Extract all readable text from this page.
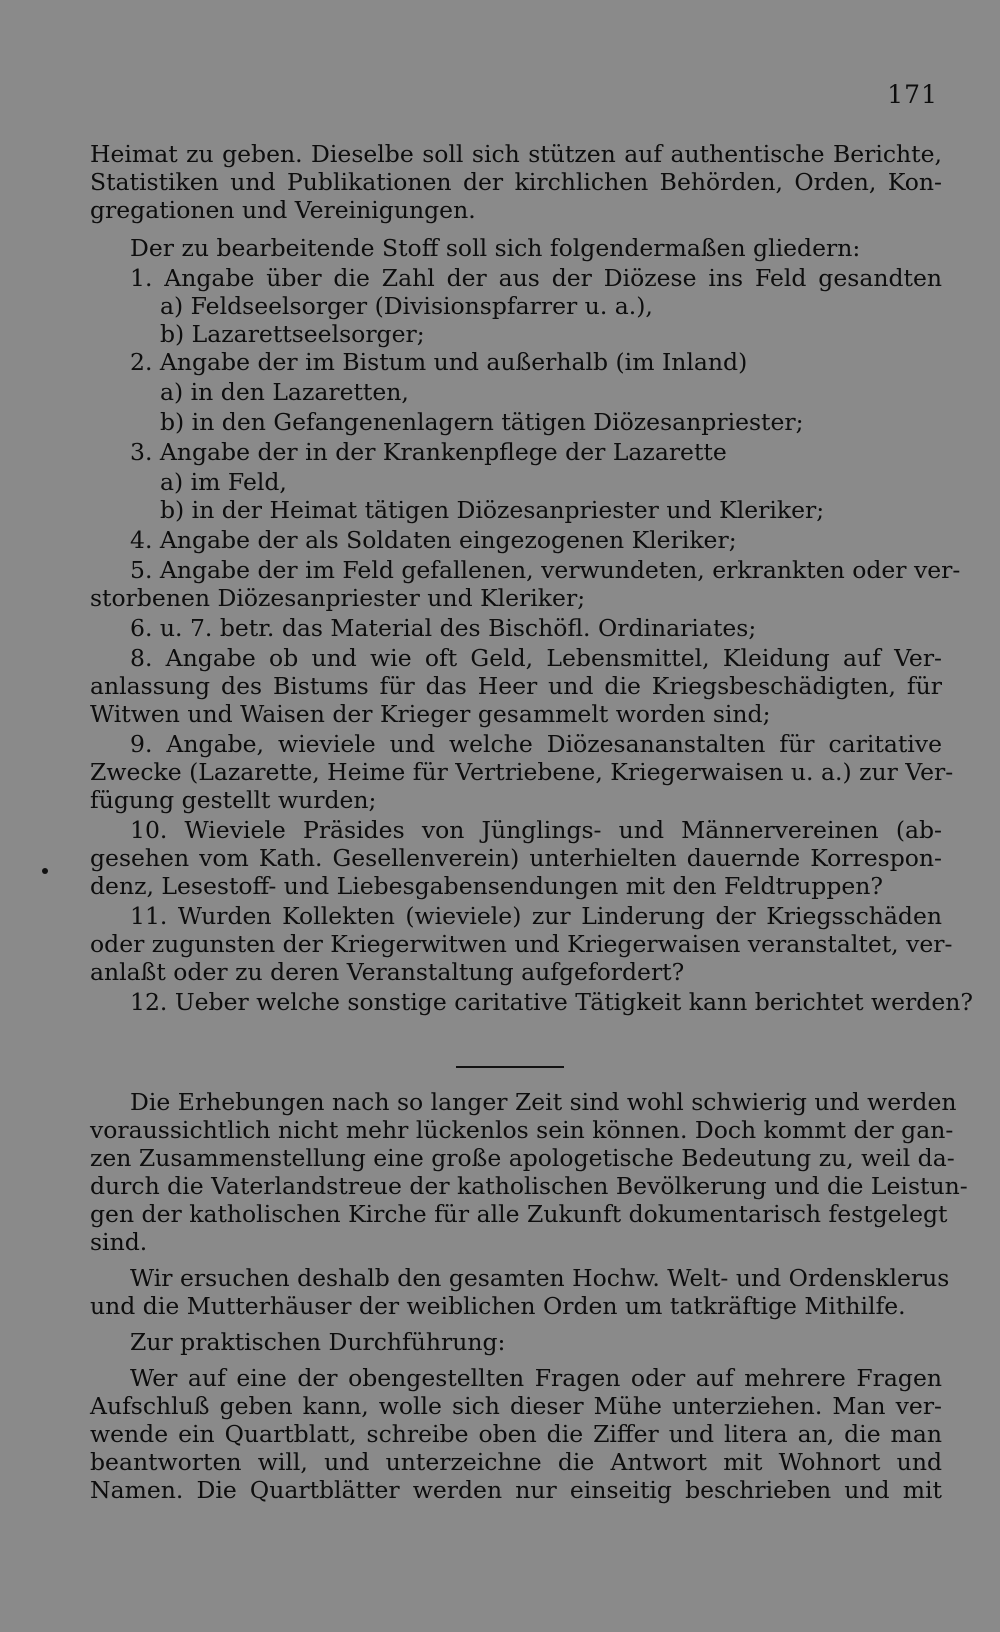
171
Heimat zu geben. Dieselbe soll sich stützen auf authentische Berichte,
Statistiken und Publikationen der kirchlichen Behörden, Orden, Kon-
gregationen und Vereinigungen.
Der zu bearbeitende Stoff soll sich folgendermaßen gliedern:
1. Angabe über die Zahl der aus der Diözese ins Feld gesandten
a) Feldseelsorger (Divisionspfarrer u. a.),
b) Lazarettseelsorger;
2. Angabe der im Bistum und außerhalb (im Inland)
a) in den Lazaretten,
b) in den Gefangenenlagern tätigen Diözesanpriester;
3. Angabe der in der Krankenpflege der Lazarette
a) im Feld,
b) in der Heimat tätigen Diözesanpriester und Kleriker;
4. Angabe der als Soldaten eingezogenen Kleriker;
5. Angabe der im Feld gefallenen, verwundeten, erkrankten oder ver-
storbenen Diözesanpriester und Kleriker;
6. u. 7. betr. das Material des Bischöfl. Ordinariates;
8. Angabe ob und wie oft Geld, Lebensmittel, Kleidung auf Ver-
anlassung des Bistums für das Heer und die Kriegsbeschädigten, für
Witwen und Waisen der Krieger gesammelt worden sind;
9. Angabe, wieviele und welche Diözesananstalten für caritative
Zwecke (Lazarette, Heime für Vertriebene, Kriegerwaisen u. a.) zur Ver-
fügung gestellt wurden;
10. Wieviele Präsides von Jünglings- und Männervereinen (ab-
gesehen vom Kath. Gesellenverein) unterhielten dauernde Korrespon-
denz, Lesestoff- und Liebesgabensendungen mit den Feldtruppen?
11. Wurden Kollekten (wieviele) zur Linderung der Kriegsschäden
oder zugunsten der Kriegerwitwen und Kriegerwaisen veranstaltet, ver-
anlaßt oder zu deren Veranstaltung aufgefordert?
12. Ueber welche sonstige caritative Tätigkeit kann berichtet werden?
Die Erhebungen nach so langer Zeit sind wohl schwierig und werden
voraussichtlich nicht mehr lückenlos sein können. Doch kommt der gan-
zen Zusammenstellung eine große apologetische Bedeutung zu, weil da-
durch die Vaterlandstreue der katholischen Bevölkerung und die Leistun-
gen der katholischen Kirche für alle Zukunft dokumentarisch festgelegt
sind.
Wir ersuchen deshalb den gesamten Hochw. Welt- und Ordensklerus
und die Mutterhäuser der weiblichen Orden um tatkräftige Mithilfe.
Zur praktischen Durchführung:
Wer auf eine der obengestellten Fragen oder auf mehrere Fragen
Aufschluß geben kann, wolle sich dieser Mühe unterziehen. Man ver-
wende ein Quartblatt, schreibe oben die Ziffer und litera an, die man
beantworten will, und unterzeichne die Antwort mit Wohnort und
Namen. Die Quartblätter werden nur einseitig beschrieben und mit
